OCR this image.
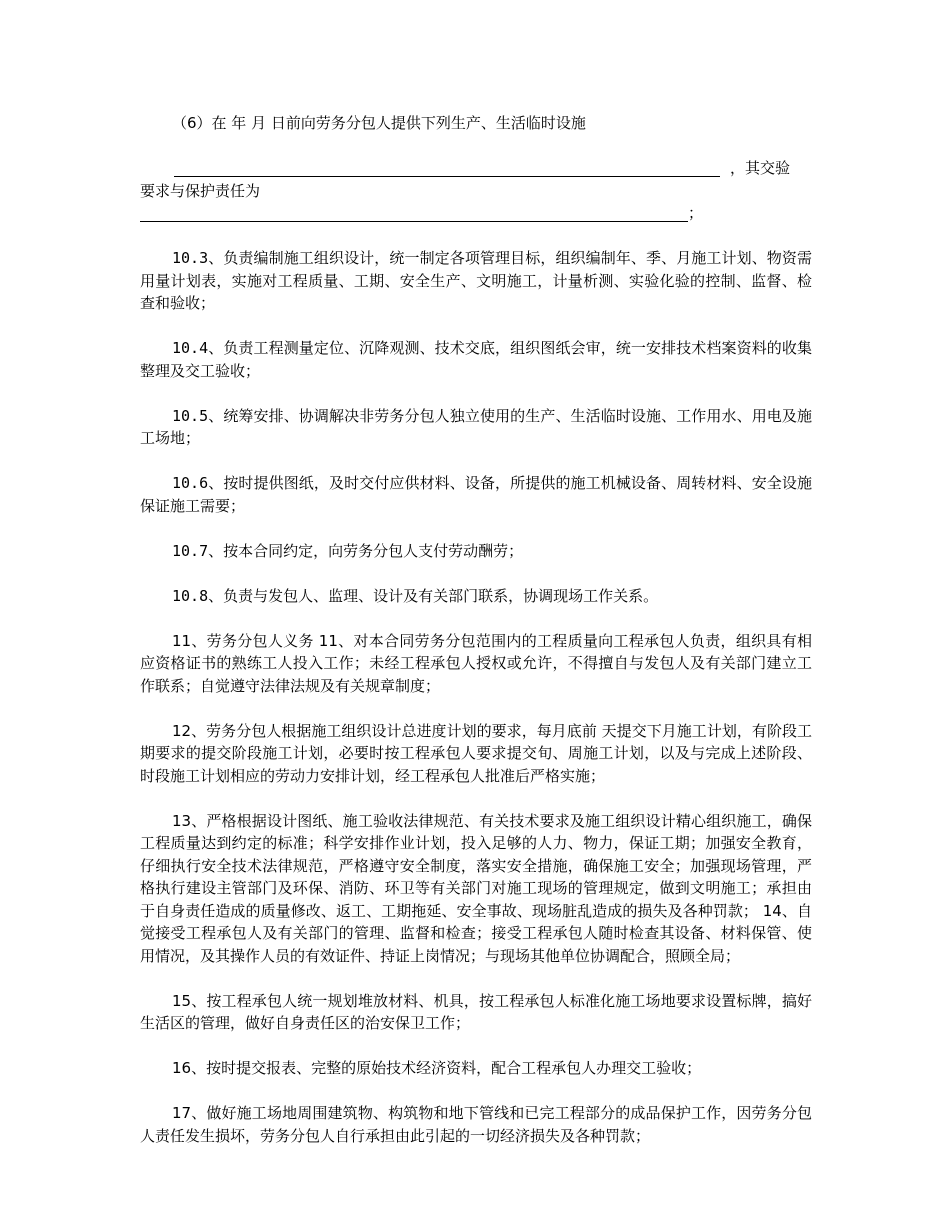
（6）在 年 月 日前向劳务分包人提供下列生产、生活临时设施

，其交验
要求与保护责任为
；

10.3、负责编制施工组织设计，统一制定各项管理目标，组织编制年、季、月施工计划、物资需用量计划表，实施对工程质量、工期、安全生产、文明施工，计量析测、实验化验的控制、监督、检查和验收；

10.4、负责工程测量定位、沉降观测、技术交底，组织图纸会审，统一安排技术档案资料的收集整理及交工验收；

10.5、统筹安排、协调解决非劳务分包人独立使用的生产、生活临时设施、工作用水、用电及施工场地；

10.6、按时提供图纸，及时交付应供材料、设备，所提供的施工机械设备、周转材料、安全设施保证施工需要；

10.7、按本合同约定，向劳务分包人支付劳动酬劳；

10.8、负责与发包人、监理、设计及有关部门联系，协调现场工作关系。

11、劳务分包人义务 11、对本合同劳务分包范围内的工程质量向工程承包人负责，组织具有相应资格证书的熟练工人投入工作；未经工程承包人授权或允许，不得擅自与发包人及有关部门建立工作联系；自觉遵守法律法规及有关规章制度；

12、劳务分包人根据施工组织设计总进度计划的要求，每月底前 天提交下月施工计划，有阶段工期要求的提交阶段施工计划，必要时按工程承包人要求提交旬、周施工计划，以及与完成上述阶段、时段施工计划相应的劳动力安排计划，经工程承包人批准后严格实施；

13、严格根据设计图纸、施工验收法律规范、有关技术要求及施工组织设计精心组织施工，确保工程质量达到约定的标准；科学安排作业计划，投入足够的人力、物力，保证工期；加强安全教育，仔细执行安全技术法律规范，严格遵守安全制度，落实安全措施，确保施工安全；加强现场管理，严格执行建设主管部门及环保、消防、环卫等有关部门对施工现场的管理规定，做到文明施工；承担由于自身责任造成的质量修改、返工、工期拖延、安全事故、现场脏乱造成的损失及各种罚款； 14、自觉接受工程承包人及有关部门的管理、监督和检查；接受工程承包人随时检查其设备、材料保管、使用情况，及其操作人员的有效证件、持证上岗情况；与现场其他单位协调配合，照顾全局；

15、按工程承包人统一规划堆放材料、机具，按工程承包人标准化施工场地要求设置标牌，搞好生活区的管理，做好自身责任区的治安保卫工作；

16、按时提交报表、完整的原始技术经济资料，配合工程承包人办理交工验收；

17、做好施工场地周围建筑物、构筑物和地下管线和已完工程部分的成品保护工作，因劳务分包人责任发生损坏，劳务分包人自行承担由此引起的一切经济损失及各种罚款；
